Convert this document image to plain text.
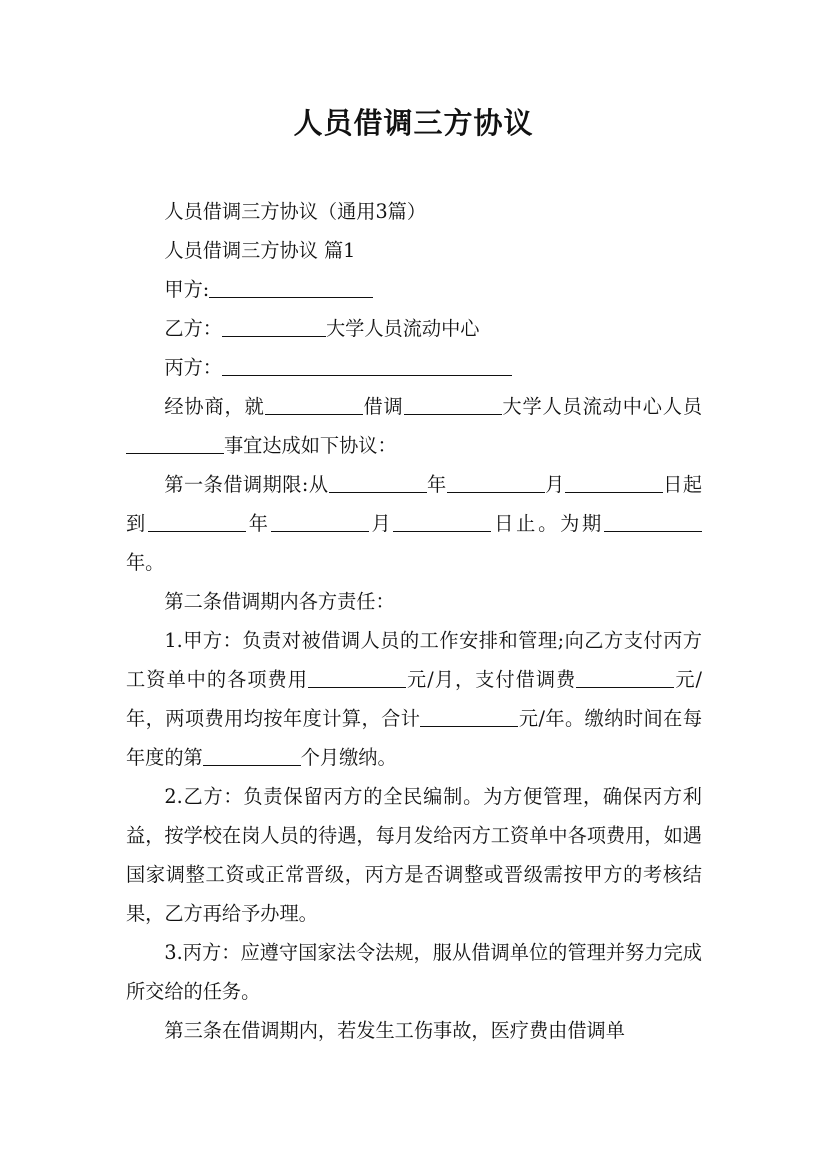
人员借调三方协议

人员借调三方协议（通用3篇）

人员借调三方协议 篇1

甲方:

乙方：	大学人员流动中心

丙方：

经协商，就	借调	大学人员流动中心人员事宜达成如下协议：

第一条借调期限:从	年	月	日起到	年	月	日止。为期年。

第二条借调期内各方责任：

1.甲方：负责对被借调人员的工作安排和管理;向乙方支付丙方工资单中的各项费用	元/月，支付借调费	元/年，两项费用均按年度计算，合计	元/年。缴纳时间在每年度的第	个月缴纳。

2.乙方：负责保留丙方的全民编制。为方便管理，确保丙方利益，按学校在岗人员的待遇，每月发给丙方工资单中各项费用，如遇国家调整工资或正常晋级，丙方是否调整或晋级需按甲方的考核结果，乙方再给予办理。

3.丙方：应遵守国家法令法规，服从借调单位的管理并努力完成所交给的任务。

第三条在借调期内，若发生工伤事故，医疗费由借调单
